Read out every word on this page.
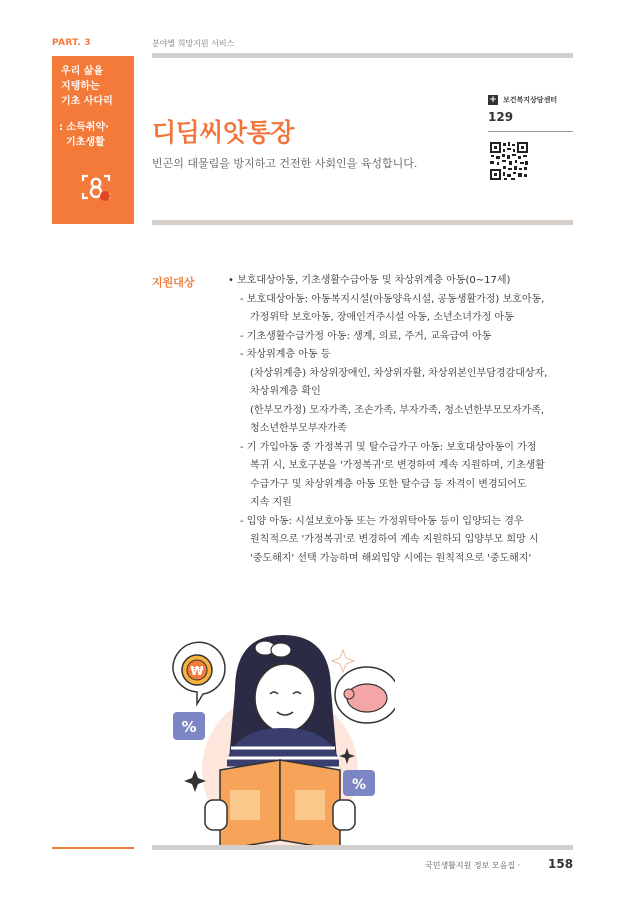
PART. 3	분야별 희망지원 서비스
우리 삶을
지탱하는
기초 사다리
: 소득취약·
기초생활
+ 보건복지상담센터
129
디딤씨앗통장
빈곤의 대물림을 방지하고 건전한 사회인을 육성합니다.
지원대상	• 보호대상아동, 기초생활수급아동 및 차상위계층 아동(0~17세)
- 보호대상아동: 아동복지시설(아동양육시설, 공동생활가정) 보호아동,
가정위탁 보호아동, 장애인거주시설 아동, 소년소녀가정 아동
- 기초생활수급가정 아동: 생계, 의료, 주거, 교육급여 아동
- 차상위계층 아동 등
(차상위계층) 차상위장애인, 차상위자활, 차상위본인부담경감대상자,
차상위계층 확인
(한부모가정) 모자가족, 조손가족, 부자가족, 청소년한부모모자가족,
청소년한부모부자가족
- 기 가입아동 중 가정복귀 및 탈수급가구 아동: 보호대상아동이 가정
복귀 시, 보호구분을 '가정복귀'로 변경하여 계속 지원하며, 기초생활
수급가구 및 차상위계층 아동 또한 탈수급 등 자격이 변경되어도
지속 지원
- 입양 아동: 시설보호아동 또는 가정위탁아동 등이 입양되는 경우
원칙적으로 '가정복귀'로 변경하여 계속 지원하되 입양부모 희망 시
'중도해지' 선택 가능하며 해외입양 시에는 원칙적으로 '중도해지'
₩
%
%
국민생활지원 정보 모음집 · 158
